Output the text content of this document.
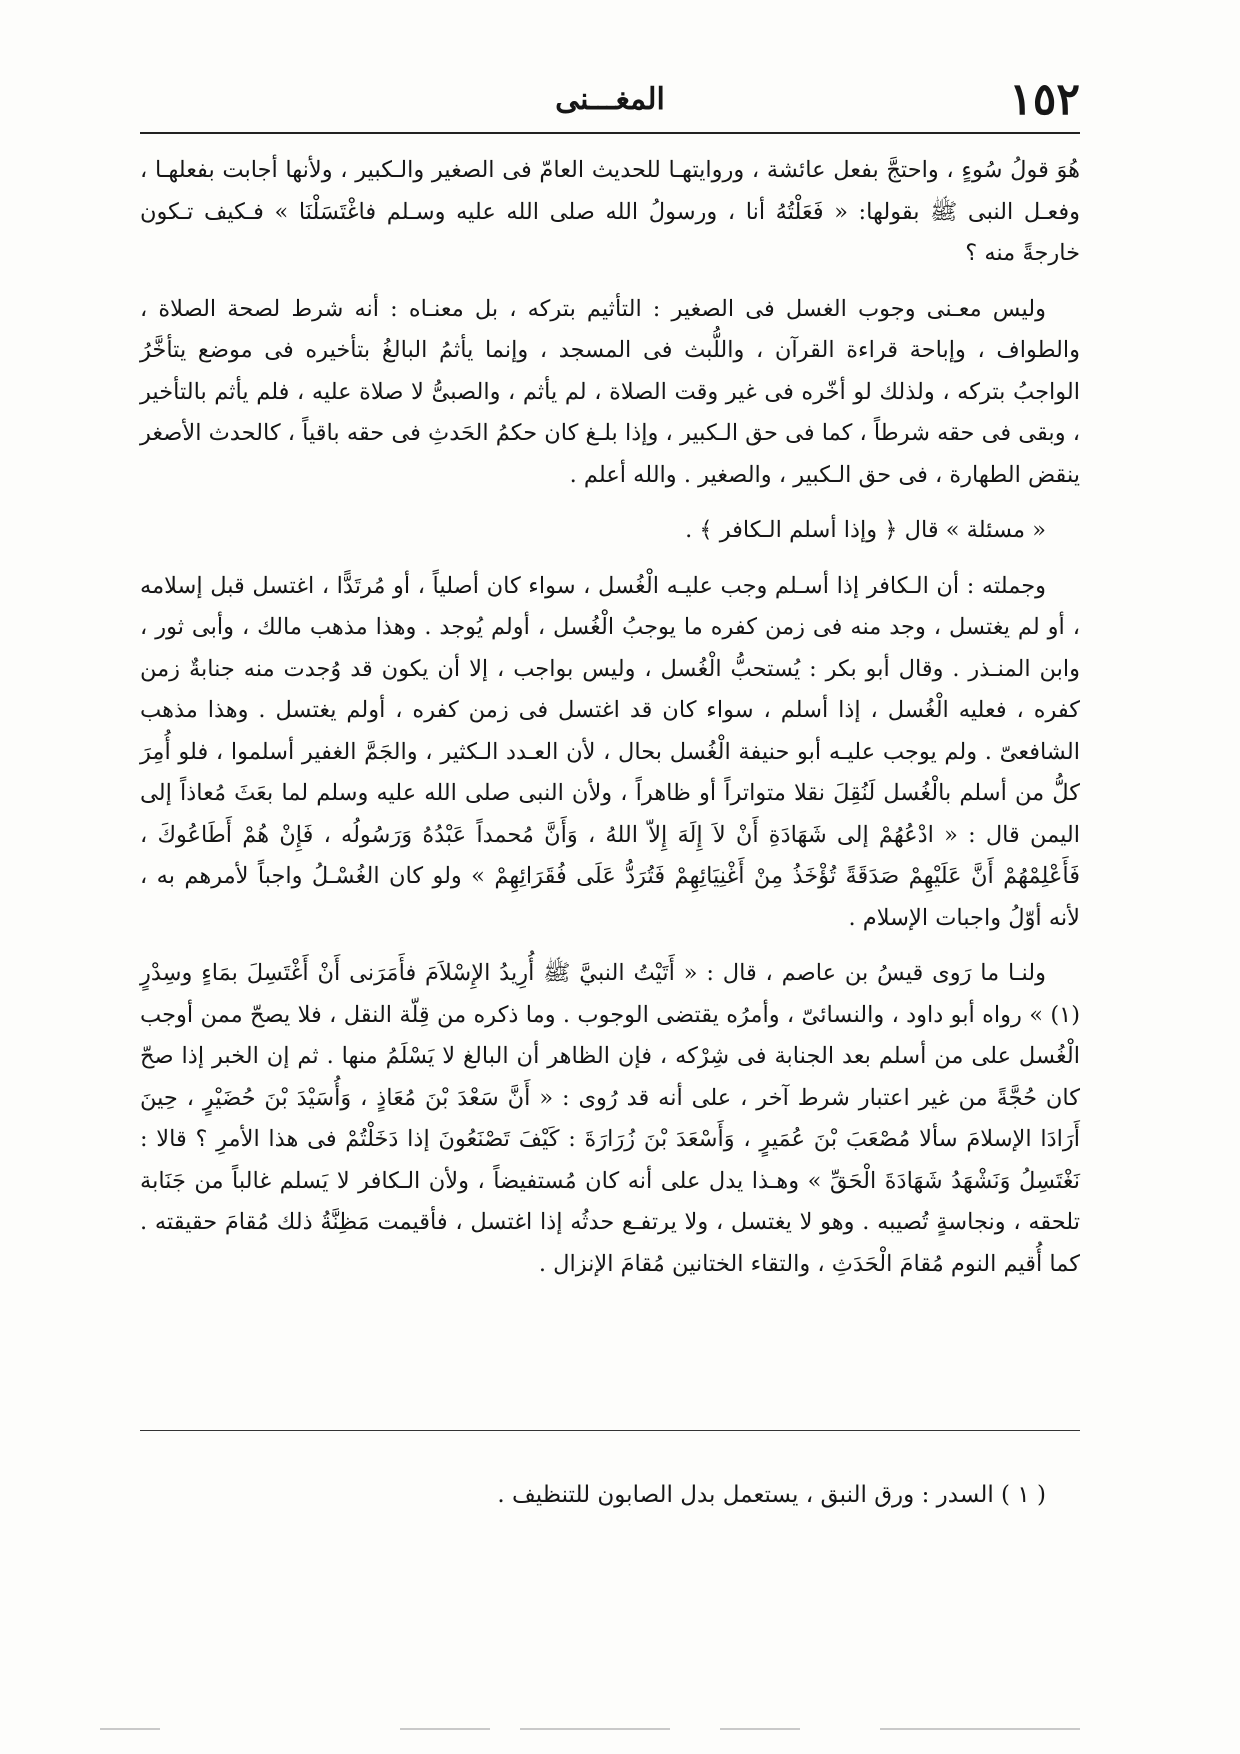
١٥٢
المغـــنى

هُوَ قولُ سُوءٍ ، واحتجَّ بفعل عائشة ، وروايتهـا للحديث العامّ فى الصغير والـكبير ، ولأنها أجابت بفعلهـا ، وفعـل النبى ﷺ بقولها: « فَعَلْتُهُ أنا ، ورسولُ الله صلى الله عليه وسـلم فاغْتَسَلْنَا » فـكيف تـكون خارجةً منه ؟

وليس معـنى وجوب الغسل فى الصغير : التأثيم بتركه ، بل معنـاه : أنه شرط لصحة الصلاة ، والطواف ، وإباحة قراءة القرآن ، واللُّبث فى المسجد ، وإنما يأثمُ البالغُ بتأخيره فى موضع يتأخَّرُ الواجبُ بتركه ، ولذلك لو أخّره فى غير وقت الصلاة ، لم يأثم ، والصبىُّ لا صلاة عليه ، فلم يأثم بالتأخير ، وبقى فى حقه شرطاً ، كما فى حق الـكبير ، وإذا بلـغ كان حكمُ الحَدثِ فى حقه باقياً ، كالحدث الأصغر ينقض الطهارة ، فى حق الـكبير ، والصغير . والله أعلم .

« مسئلة » قال ﴿ وإذا أسلم الـكافر ﴾ .

وجملته : أن الـكافر إذا أسـلم وجب عليـه الْغُسل ، سواء كان أصلياً ، أو مُرتَدًّا ، اغتسل قبل إسلامه ، أو لم يغتسل ، وجد منه فى زمن كفره ما يوجبُ الْغُسل ، أولم يُوجد . وهذا مذهب مالك ، وأبى ثور ، وابن المنـذر . وقال أبو بكر : يُستحبُّ الْغُسل ، وليس بواجب ، إلا أن يكون قد وُجدت منه جنابةٌ زمن كفره ، فعليه الْغُسل ، إذا أسلم ، سواء كان قد اغتسل فى زمن كفره ، أولم يغتسل . وهذا مذهب الشافعىّ . ولم يوجب عليـه أبو حنيفة الْغُسل بحال ، لأن العـدد الـكثير ، والجَمَّ الغفير أسلموا ، فلو أُمِرَ كلُّ من أسلم بالْغُسل لَنُقِلَ نقلا متواتراً أو ظاهراً ، ولأن النبى صلى الله عليه وسلم لما بعَثَ مُعاذاً إلى اليمن قال : « ادْعُهُمْ إلى شَهَادَةِ أَنْ لاَ إِلَهَ إِلاّ اللهُ ، وَأَنَّ مُحمداً عَبْدُهُ وَرَسُولُه ، فَإِنْ هُمْ أَطَاعُوكَ ، فَأَعْلِمْهُمْ أَنَّ عَلَيْهِمْ صَدَقَةً تُؤْخَذُ مِنْ أَغْنِيَائِهِمْ فَتُرَدُّ عَلَى فُقَرَائِهِمْ » ولو كان الغُسْـلُ واجباً لأمرهم به ، لأنه أوّلُ واجبات الإسلام .

ولنـا ما رَوى قيسُ بن عاصم ، قال : « أَتَيْتُ النبيَّ ﷺ أُرِيدُ الإِسْلاَمَ فأَمَرَنى أَنْ أَغْتَسِلَ بمَاءٍ وسِدْرٍ (١) » رواه أبو داود ، والنسائىّ ، وأمرُه يقتضى الوجوب . وما ذكره من قِلّة النقل ، فلا يصحّ ممن أوجب الْغُسل على من أسلم بعد الجنابة فى شِرْكه ، فإن الظاهر أن البالغ لا يَسْلَمُ منها . ثم إن الخبر إذا صحّ كان حُجَّةً من غير اعتبار شرط آخر ، على أنه قد رُوى : « أَنَّ سَعْدَ بْنَ مُعَاذٍ ، وَأُسَيْدَ بْنَ حُضَيْرٍ ، حِينَ أَرَادَا الإسلامَ سألا مُصْعَبَ بْنَ عُمَيرٍ ، وَأَسْعَدَ بْنَ زُرَارَةَ : كَيْفَ تَصْنَعُونَ إذا دَخَلْتُمْ فى هذا الأمرِ ؟ قالا : نَغْتَسِلُ وَنَشْهَدُ شَهَادَةَ الْحَقِّ » وهـذا يدل على أنه كان مُستفيضاً ، ولأن الـكافر لا يَسلم غالباً من جَنَابة تلحقه ، ونجاسةٍ تُصيبه . وهو لا يغتسل ، ولا يرتفـع حدثُه إذا اغتسل ، فأقيمت مَظِنَّةُ ذلك مُقامَ حقيقته . كما أُقيم النوم مُقامَ الْحَدَثِ ، والتقاء الختانين مُقامَ الإنزال .

( ١ ) السدر : ورق النبق ، يستعمل بدل الصابون للتنظيف .
